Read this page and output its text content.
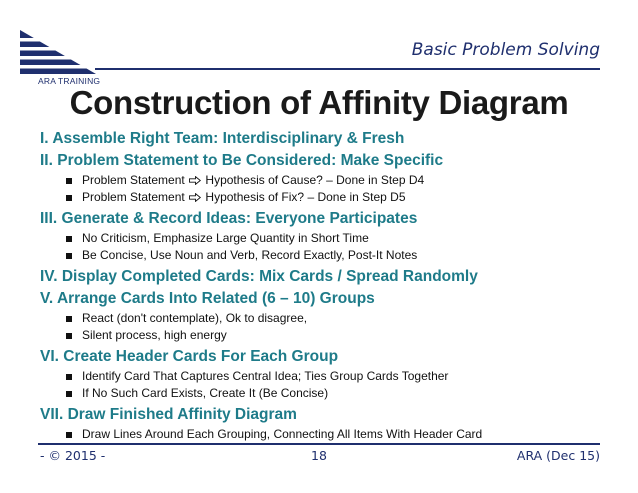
ARA TRAINING
Basic Problem Solving
Construction of Affinity Diagram
I. Assemble Right Team: Interdisciplinary & Fresh
II. Problem Statement to Be Considered: Make Specific
Problem Statement  Hypothesis of Cause? – Done in Step D4
Problem Statement  Hypothesis of Fix? – Done in Step D5
III. Generate & Record Ideas: Everyone Participates
No Criticism, Emphasize Large Quantity in Short Time
Be Concise, Use Noun and Verb, Record Exactly, Post-It Notes
IV. Display Completed Cards: Mix Cards / Spread Randomly
V. Arrange Cards Into Related (6 – 10) Groups
React (don't contemplate), Ok to disagree,
Silent process, high energy
VI. Create Header Cards For Each Group
Identify Card That Captures Central Idea; Ties Group Cards Together
If No Such Card Exists, Create It (Be Concise)
VII. Draw Finished Affinity Diagram
Draw Lines Around Each Grouping, Connecting All Items With Header Card
- © 2015 -	18	ARA (Dec 15)
